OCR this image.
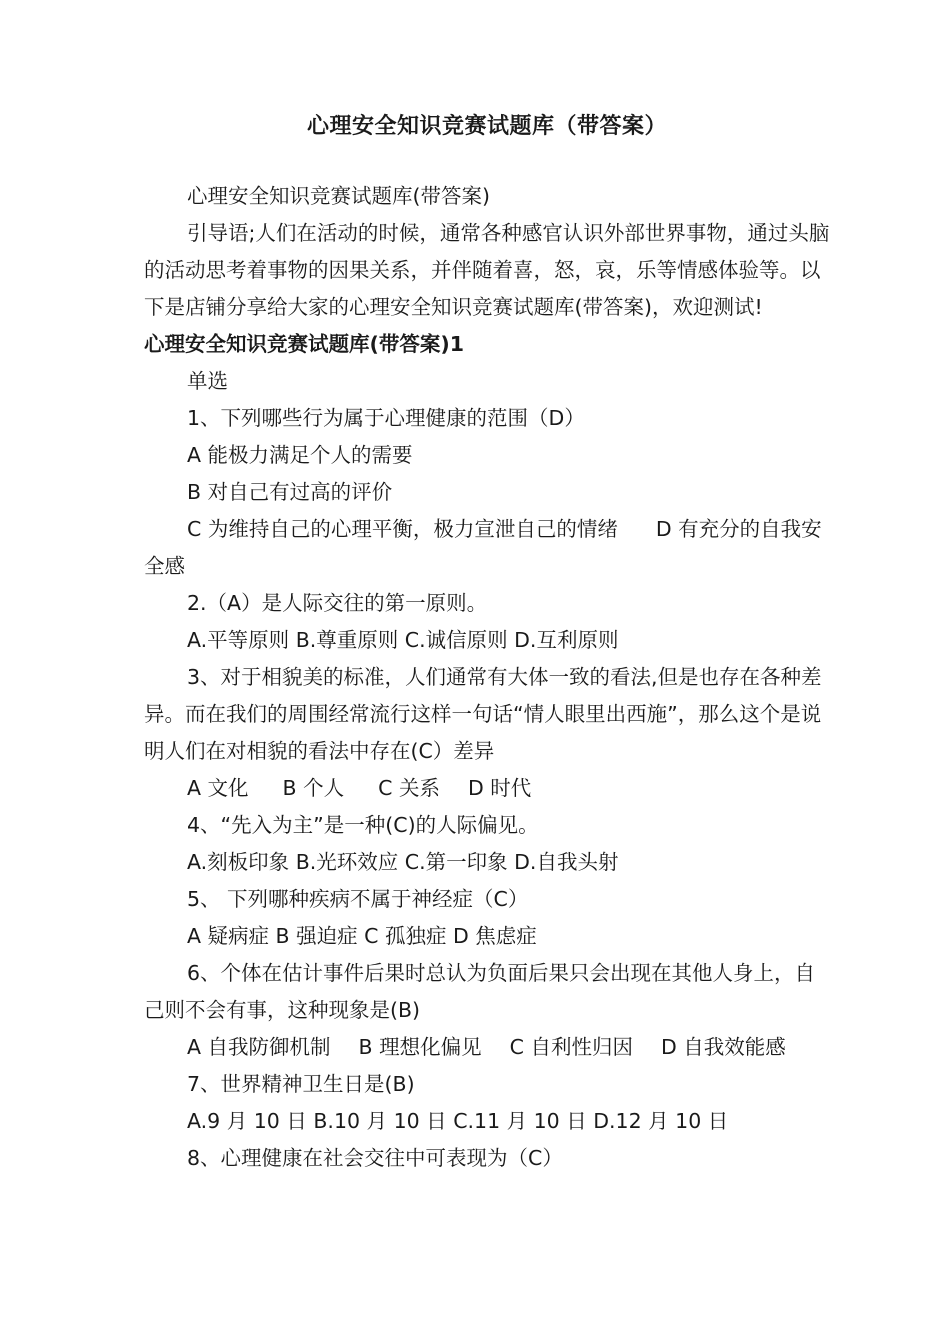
心理安全知识竞赛试题库（带答案）

心理安全知识竞赛试题库(带答案)

引导语;人们在活动的时候，通常各种感官认识外部世界事物，通过头脑的活动思考着事物的因果关系，并伴随着喜，怒，哀，乐等情感体验等。以下是店铺分享给大家的心理安全知识竞赛试题库(带答案)，欢迎测试!

心理安全知识竞赛试题库(带答案)1

单选

1、下列哪些行为属于心理健康的范围（D）

A 能极力满足个人的需要

B 对自己有过高的评价

C 为维持自己的心理平衡，极力宣泄自己的情绪 D 有充分的自我安全感

2.（A）是人际交往的第一原则。

A.平等原则 B.尊重原则 C.诚信原则 D.互利原则

3、对于相貌美的标准，人们通常有大体一致的看法,但是也存在各种差异。而在我们的周围经常流行这样一句话“情人眼里出西施”，那么这个是说明人们在对相貌的看法中存在(C）差异

A 文化 B 个人 C 关系 D 时代

4、“先入为主”是一种(C)的人际偏见。

A.刻板印象 B.光环效应 C.第一印象 D.自我头射

5、 下列哪种疾病不属于神经症（C）

A 疑病症 B 强迫症 C 孤独症 D 焦虑症

6、个体在估计事件后果时总认为负面后果只会出现在其他人身上，自己则不会有事，这种现象是(B)

A 自我防御机制 B 理想化偏见 C 自利性归因 D 自我效能感

7、世界精神卫生日是(B)

A.9 月 10 日 B.10 月 10 日 C.11 月 10 日 D.12 月 10 日

8、心理健康在社会交往中可表现为（C）
